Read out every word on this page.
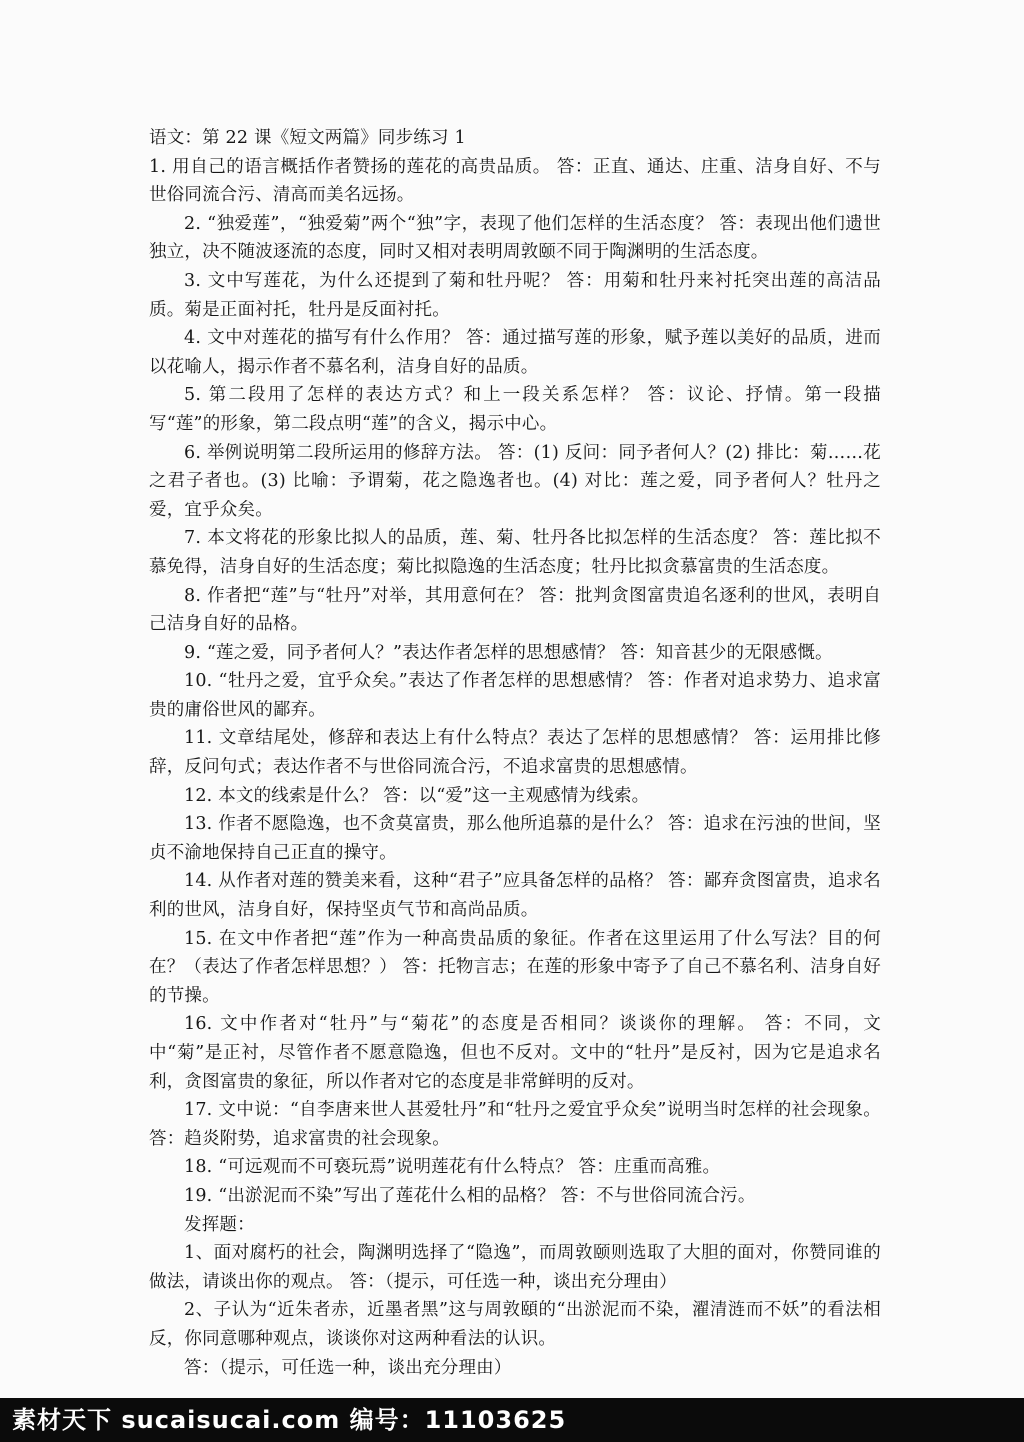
语文：第 22 课《短文两篇》同步练习 1

1. 用自己的语言概括作者赞扬的莲花的高贵品质。 答：正直、通达、庄重、洁身自好、不与世俗同流合污、清高而美名远扬。

2. “独爱莲”，“独爱菊”两个“独”字，表现了他们怎样的生活态度？ 答：表现出他们遗世独立，决不随波逐流的态度，同时又相对表明周敦颐不同于陶渊明的生活态度。

3. 文中写莲花，为什么还提到了菊和牡丹呢？ 答：用菊和牡丹来衬托突出莲的高洁品质。菊是正面衬托，牡丹是反面衬托。

4. 文中对莲花的描写有什么作用？ 答：通过描写莲的形象，赋予莲以美好的品质，进而以花喻人，揭示作者不慕名利，洁身自好的品质。

5. 第二段用了怎样的表达方式？和上一段关系怎样？ 答：议论、抒情。第一段描写“莲”的形象，第二段点明“莲”的含义，揭示中心。

6. 举例说明第二段所运用的修辞方法。 答：(1) 反问：同予者何人？(2) 排比：菊……花之君子者也。(3) 比喻：予谓菊，花之隐逸者也。(4) 对比：莲之爱，同予者何人？牡丹之爱，宜乎众矣。

7. 本文将花的形象比拟人的品质，莲、菊、牡丹各比拟怎样的生活态度？ 答：莲比拟不慕免得，洁身自好的生活态度；菊比拟隐逸的生活态度；牡丹比拟贪慕富贵的生活态度。

8. 作者把“莲”与“牡丹”对举，其用意何在？ 答：批判贪图富贵追名逐利的世风，表明自己洁身自好的品格。

9. “莲之爱，同予者何人？”表达作者怎样的思想感情？ 答：知音甚少的无限感慨。

10. “牡丹之爱，宜乎众矣。”表达了作者怎样的思想感情？ 答：作者对追求势力、追求富贵的庸俗世风的鄙弃。

11. 文章结尾处，修辞和表达上有什么特点？表达了怎样的思想感情？ 答：运用排比修辞，反问句式；表达作者不与世俗同流合污，不追求富贵的思想感情。

12. 本文的线索是什么？ 答：以“爱”这一主观感情为线索。

13. 作者不愿隐逸，也不贪莫富贵，那么他所追慕的是什么？ 答：追求在污浊的世间，坚贞不渝地保持自己正直的操守。

14. 从作者对莲的赞美来看，这种“君子”应具备怎样的品格？ 答：鄙弃贪图富贵，追求名利的世风，洁身自好，保持坚贞气节和高尚品质。

15. 在文中作者把“莲”作为一种高贵品质的象征。作者在这里运用了什么写法？目的何在？（表达了作者怎样思想？） 答：托物言志；在莲的形象中寄予了自己不慕名利、洁身自好的节操。

16. 文中作者对“牡丹”与“菊花”的态度是否相同？谈谈你的理解。 答：不同，文 中“菊”是正衬，尽管作者不愿意隐逸，但也不反对。文中的“牡丹”是反衬，因为它是追求名利，贪图富贵的象征，所以作者对它的态度是非常鲜明的反对。

17. 文中说：“自李唐来世人甚爱牡丹”和“牡丹之爱宜乎众矣”说明当时怎样的社会现象。 答：趋炎附势，追求富贵的社会现象。

18. “可远观而不可亵玩焉”说明莲花有什么特点？ 答：庄重而高雅。

19. “出淤泥而不染”写出了莲花什么相的品格？ 答：不与世俗同流合污。

发挥题：

1、面对腐朽的社会，陶渊明选择了“隐逸”，而周敦颐则选取了大胆的面对，你赞同谁的做法，请谈出你的观点。 答：（提示，可任选一种，谈出充分理由）

2、子认为“近朱者赤，近墨者黑”这与周敦頤的“出淤泥而不染，濯清涟而不妖”的看法相反，你同意哪种观点，谈谈你对这两种看法的认识。

答：（提示，可任选一种，谈出充分理由）

素材天下 sucaisucai.com 编号：11103625
